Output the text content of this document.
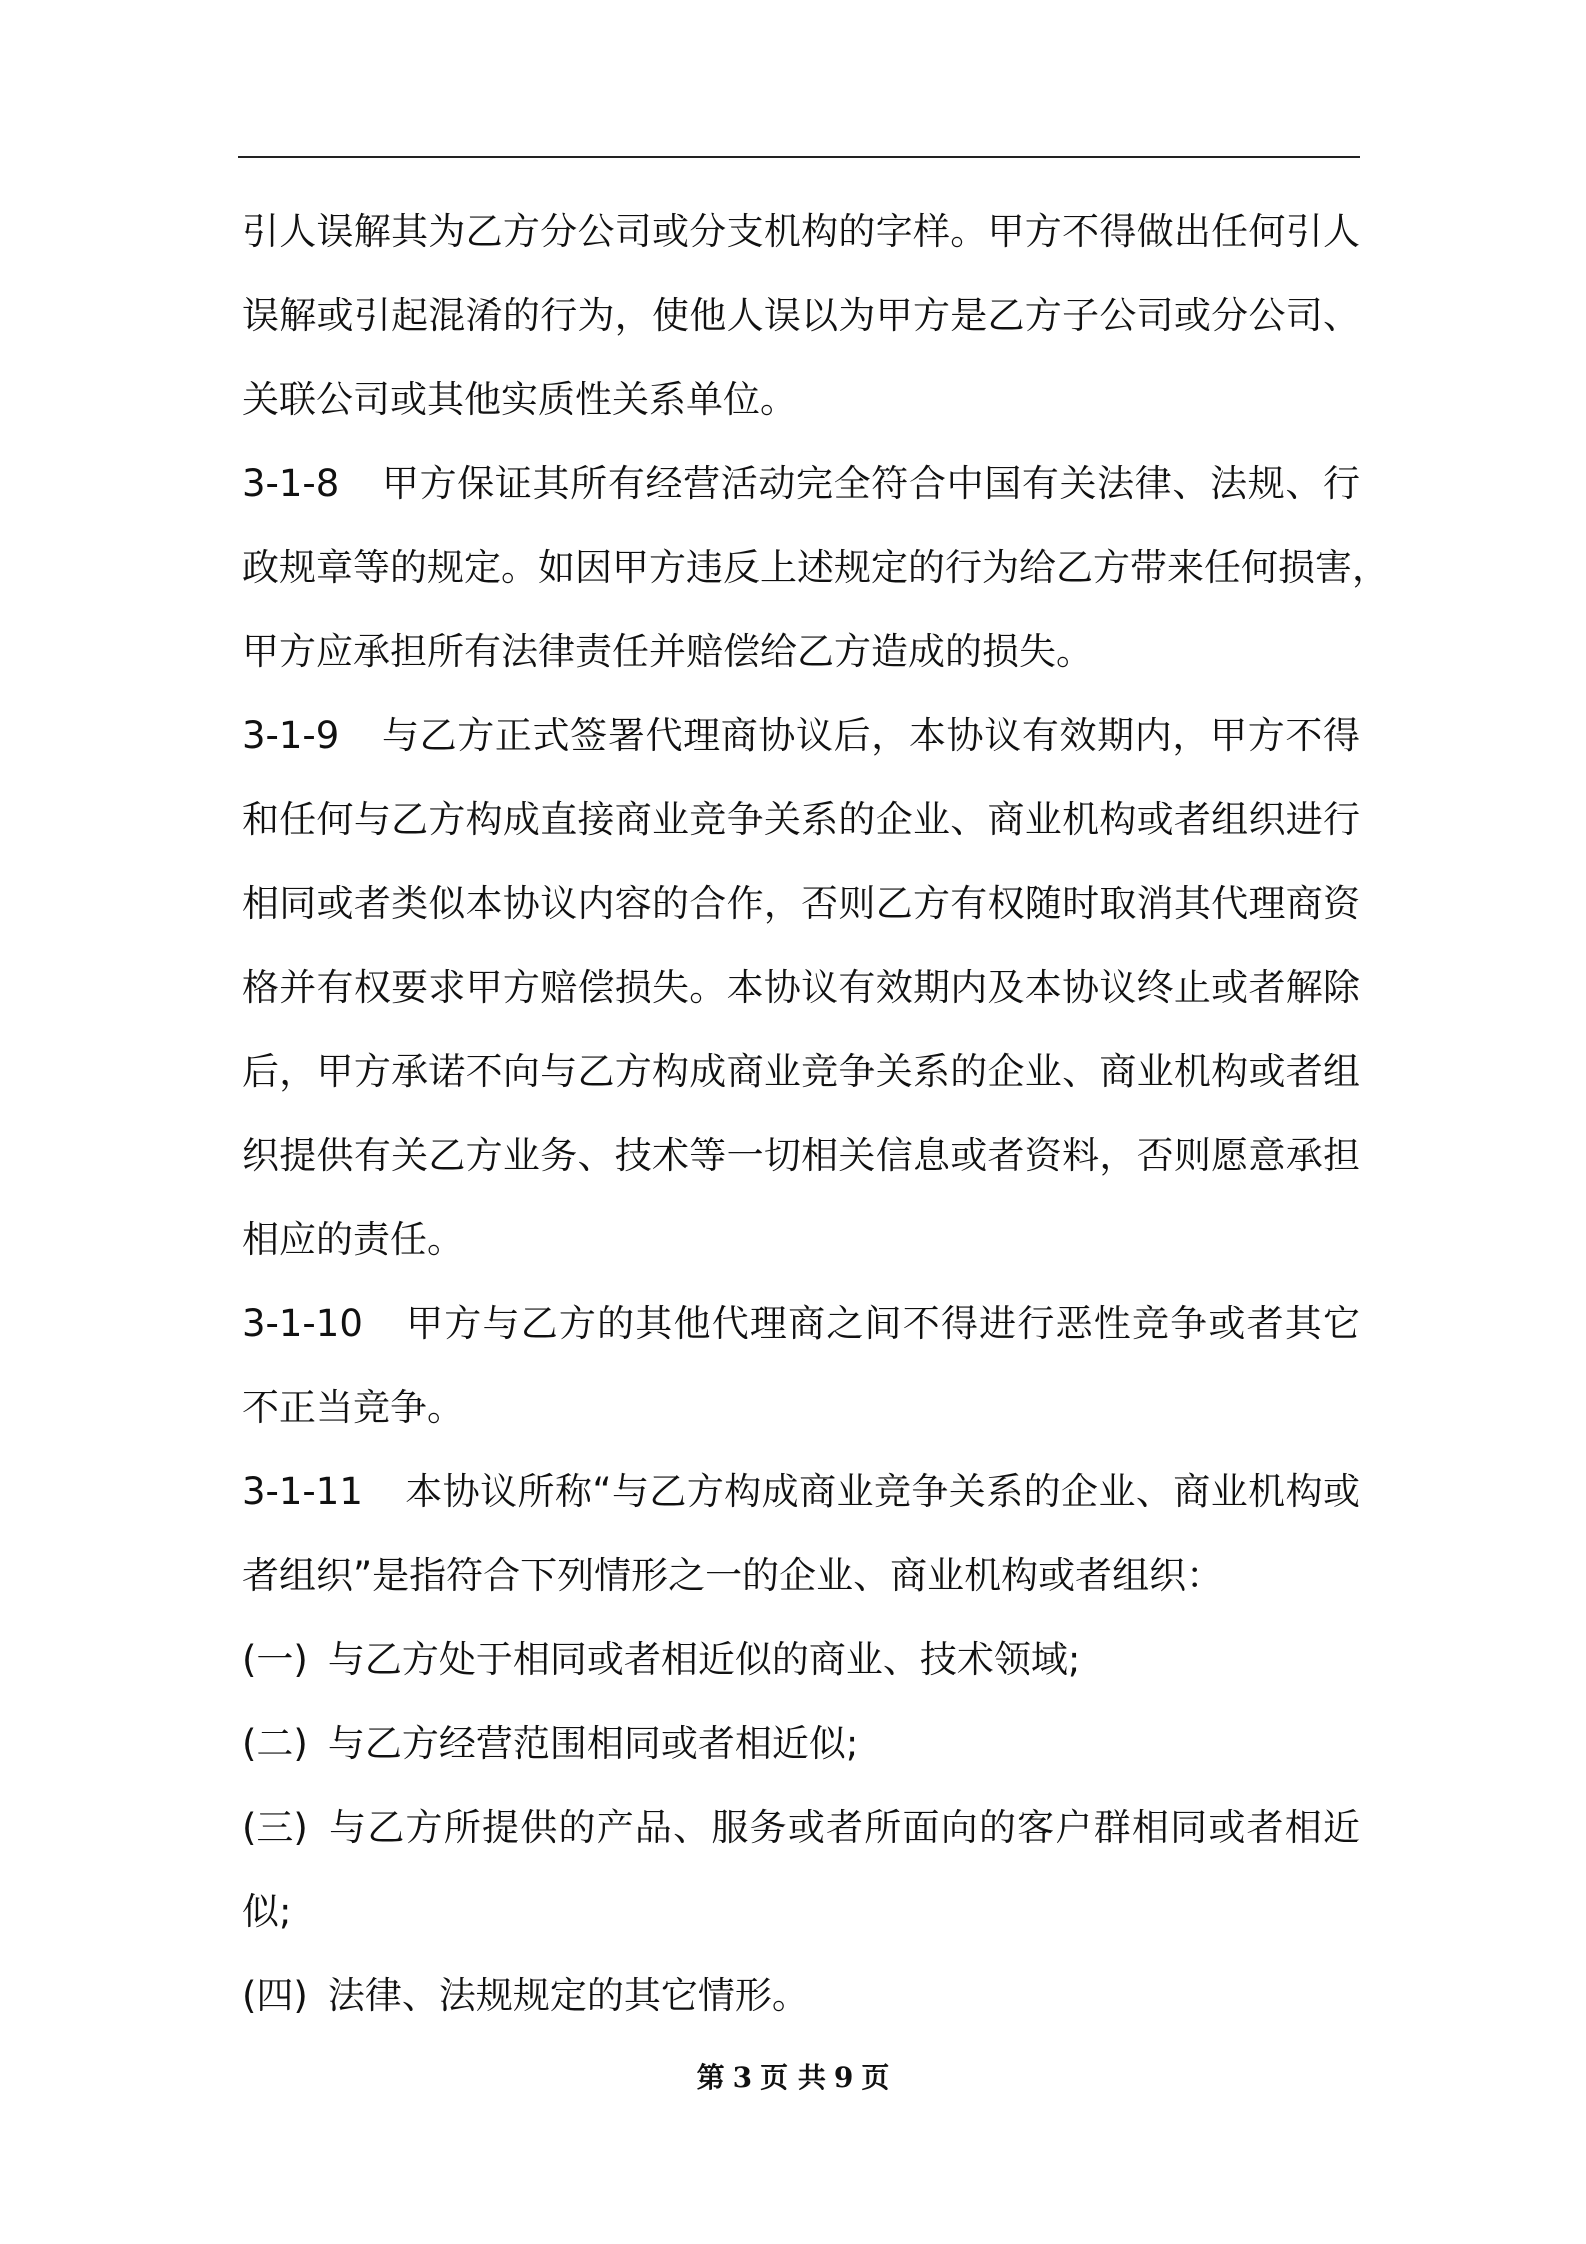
引人误解其为乙方分公司或分支机构的字样。甲方不得做出任何引人
误解或引起混淆的行为，使他人误以为甲方是乙方子公司或分公司、
关联公司或其他实质性关系单位。
3-1-8 甲方保证其所有经营活动完全符合中国有关法律、法规、行
政规章等的规定。如因甲方违反上述规定的行为给乙方带来任何损害，
甲方应承担所有法律责任并赔偿给乙方造成的损失。
3-1-9 与乙方正式签署代理商协议后，本协议有效期内，甲方不得
和任何与乙方构成直接商业竞争关系的企业、商业机构或者组织进行
相同或者类似本协议内容的合作，否则乙方有权随时取消其代理商资
格并有权要求甲方赔偿损失。本协议有效期内及本协议终止或者解除
后，甲方承诺不向与乙方构成商业竞争关系的企业、商业机构或者组
织提供有关乙方业务、技术等一切相关信息或者资料，否则愿意承担
相应的责任。
3-1-10 甲方与乙方的其他代理商之间不得进行恶性竞争或者其它
不正当竞争。
3-1-11 本协议所称“与乙方构成商业竞争关系的企业、商业机构或
者组织”是指符合下列情形之一的企业、商业机构或者组织：
(一) 与乙方处于相同或者相近似的商业、技术领域;
(二) 与乙方经营范围相同或者相近似;
(三) 与乙方所提供的产品、服务或者所面向的客户群相同或者相近
似;
(四) 法律、法规规定的其它情形。
第 3 页 共 9 页
